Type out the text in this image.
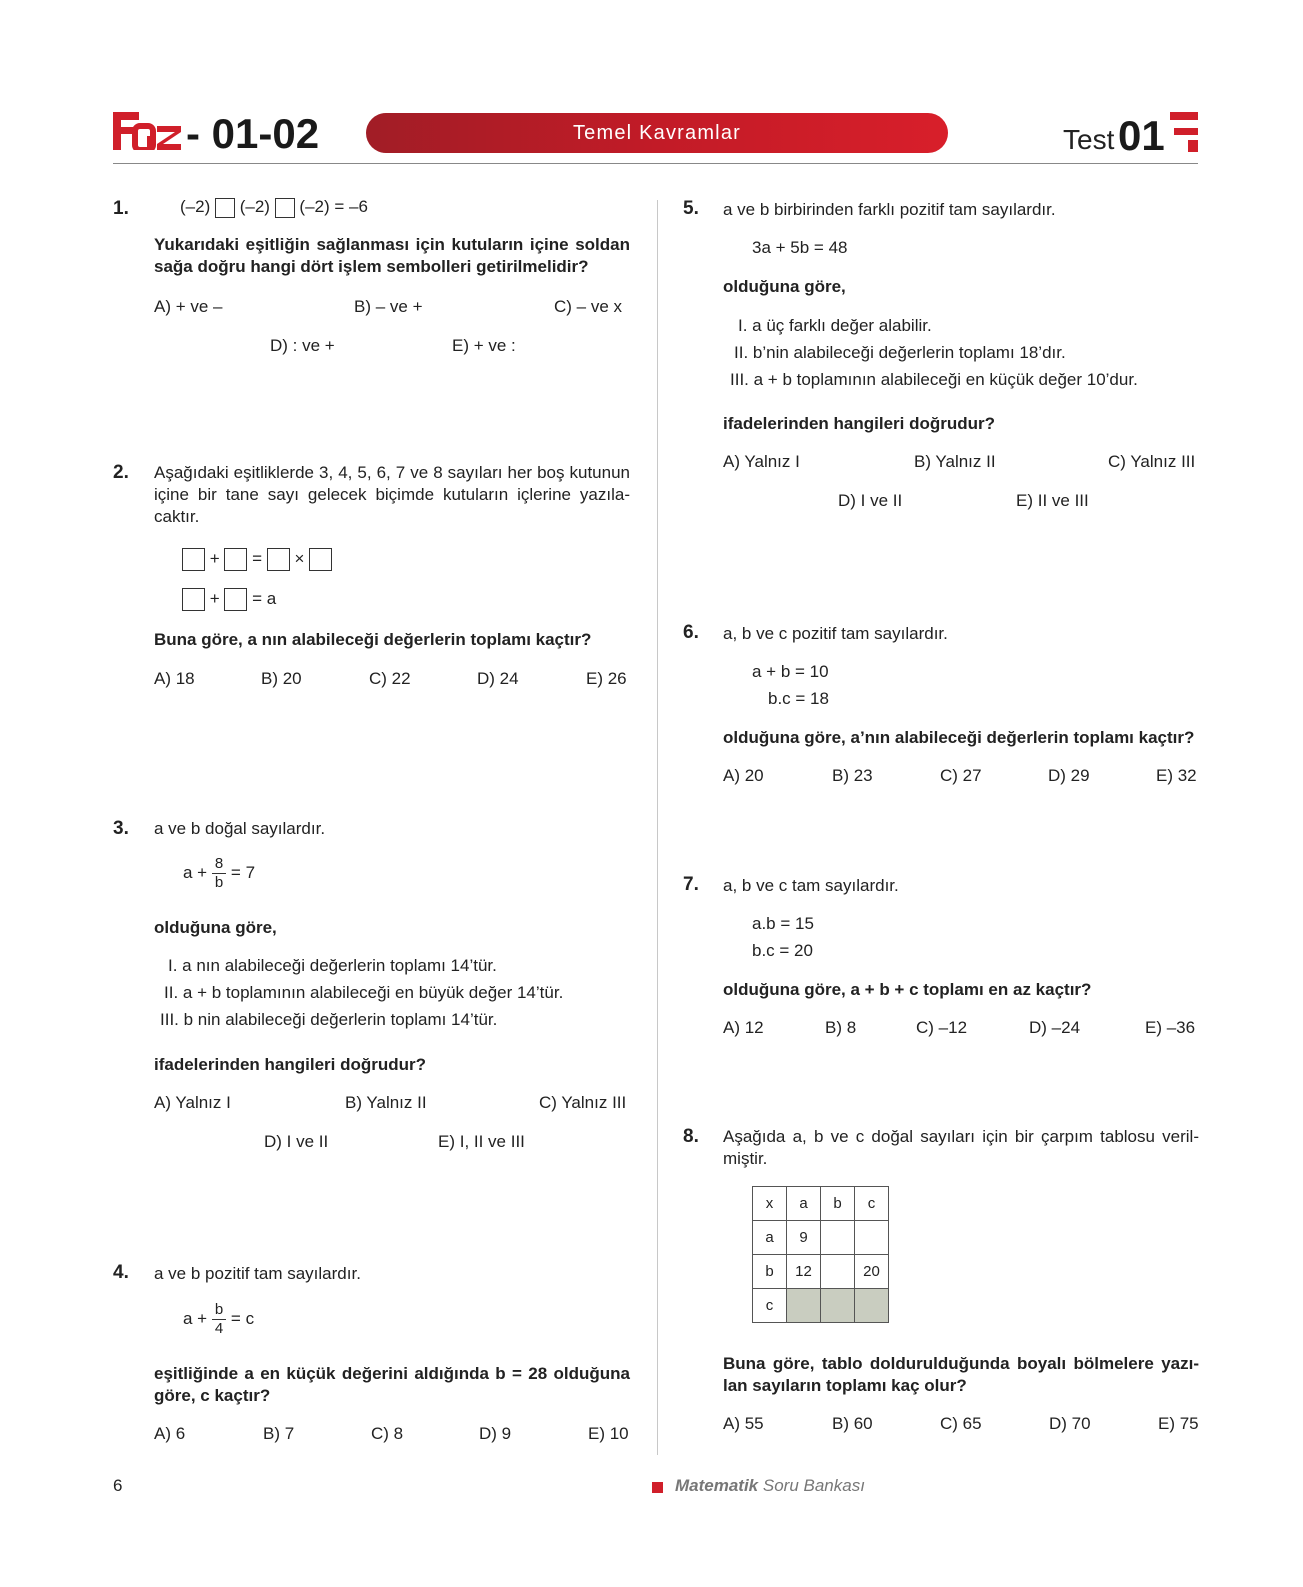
- 01-02	Temel Kavramlar	Test 01
1.	(–2) (–2) (–2) = –6
Yukarıdaki eşitliğin sağlanması için kutuların içine soldan sağa doğru hangi dört işlem sembolleri getirilmelidir?
A) + ve –	B) – ve +	C) – ve x
D) : ve +	E) + ve :
2. Aşağıdaki eşitliklerde 3, 4, 5, 6, 7 ve 8 sayıları her boş kutunun içine bir tane sayı gelecek biçimde kutuların içlerine yazıla-caktır.
+ = ×
+ = a
Buna göre, a nın alabileceği değerlerin toplamı kaçtır?
A) 18	B) 20	C) 22	D) 24	E) 26
3. a ve b doğal sayılardır.
$a + \frac{8}{b} = 7$
olduğuna göre,
I. a nın alabileceği değerlerin toplamı 14’tür.
II. a + b toplamının alabileceği en büyük değer 14’tür.
III. b nin alabileceği değerlerin toplamı 14’tür.
ifadelerinden hangileri doğrudur?
A) Yalnız I	B) Yalnız II	C) Yalnız III
D) I ve II	E) I, II ve III
4. a ve b pozitif tam sayılardır.
$a + \frac{b}{4} = c$
eşitliğinde a en küçük değerini aldığında b = 28 olduğuna göre, c kaçtır?
A) 6	B) 7	C) 8	D) 9	E) 10
5. a ve b birbirinden farklı pozitif tam sayılardır.
3a + 5b = 48
olduğuna göre,
I. a üç farklı değer alabilir.
II. b’nin alabileceği değerlerin toplamı 18’dır.
III. a + b toplamının alabileceği en küçük değer 10’dur.
ifadelerinden hangileri doğrudur?
A) Yalnız I	B) Yalnız II	C) Yalnız III
D) I ve II	E) II ve III
6. a, b ve c pozitif tam sayılardır.
a + b = 10
b.c = 18
olduğuna göre, a’nın alabileceği değerlerin toplamı kaçtır?
A) 20	B) 23	C) 27	D) 29	E) 32
7. a, b ve c tam sayılardır.
a.b = 15
b.c = 20
olduğuna göre, a + b + c toplamı en az kaçtır?
A) 12	B) 8	C) –12	D) –24	E) –36
8. Aşağıda a, b ve c doğal sayıları için bir çarpım tablosu veril-miştir.
x	a	b	c
a	9		
b	12		20
c			
Buna göre, tablo doldurulduğunda boyalı bölmelere yazı-lan sayıların toplamı kaç olur?
A) 55	B) 60	C) 65	D) 70	E) 75
6	Matematik Soru Bankası
